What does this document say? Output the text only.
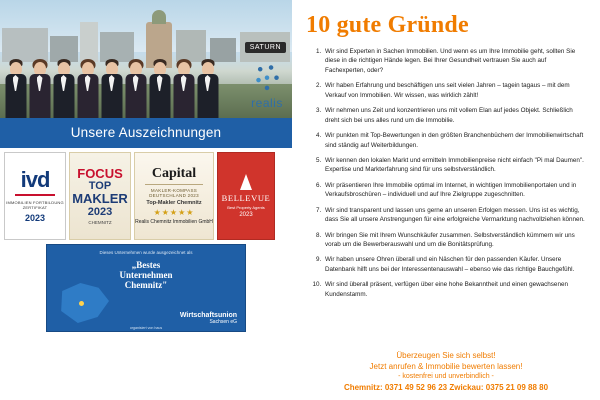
SATURN
realis
Unsere Auszeichnungen
ivd
IMMOBILIEN FORTBILDUNG ZERTIFIKAT
2023
FOCUS
TOP
MAKLER
2023
CHEMNITZ
Capital
MAKLER-KOMPASS DEUTSCHLAND 2023
Top-Makler Chemnitz
★★★★★
Realis Chemnitz Immobilien GmbH
BELLEVUE
Best Property Agents
2023
Dieses Unternehmen wurde ausgezeichnet als
„Bestes
Unternehmen
Chemnitz"
Wirtschaftsunion
Sachsen eG
organisiert von haus
10 gute Gründe
1. Wir sind Experten in Sachen Immobilien. Und wenn es um Ihre Immobilie geht, sollten Sie diese in die richtigen Hände legen. Bei Ihrer Gesundheit vertrauen Sie auch auf Fachexperten, oder?
2. Wir haben Erfahrung und beschäftigen uns seit vielen Jahren – tagein tagaus – mit dem Verkauf von Immobilien. Wir wissen, was wirklich zählt!
3. Wir nehmen uns Zeit und konzentrieren uns mit vollem Elan auf jedes Objekt. Schließlich dreht sich bei uns alles rund um die Immobilie.
4. Wir punkten mit Top-Bewertungen in den größten Branchenbüchern der Immobilienwirtschaft sind ständig auf Weiterbildungen.
5. Wir kennen den lokalen Markt und ermitteln Immobilienpreise nicht einfach "Pi mal Daumen". Expertise und Markterfahrung sind für uns selbstverständlich.
6. Wir präsentieren Ihre Immobilie optimal im Internet, in wichtigen Immobilienportalen und in Verkaufsbroschüren – individuell und auf Ihre Zielgruppe zugeschnitten.
7. Wir sind transparent und lassen uns gerne an unseren Erfolgen messen. Uns ist es wichtig, dass Sie all unsere Anstrengungen für eine erfolgreiche Vermarktung nachvollziehen können.
8. Wir bringen Sie mit Ihrem Wunschkäufer zusammen. Selbstverständlich kümmern wir uns vorab um die Bewerberauswahl und um die Bonitätsprüfung.
9. Wir haben unsere Ohren überall und ein Näschen für den passenden Käufer. Unsere Datenbank hilft uns bei der Interessentenauswahl – ebenso wie das richtige Bauchgefühl.
10. Wir sind überall präsent, verfügen über eine hohe Bekanntheit und einen gewachsenen Kundenstamm.
Überzeugen Sie sich selbst!
Jetzt anrufen & Immobilie bewerten lassen!
- kostenfrei und unverbindlich -
Chemnitz: 0371 49 52 96 23 Zwickau: 0375 21 09 88 80
